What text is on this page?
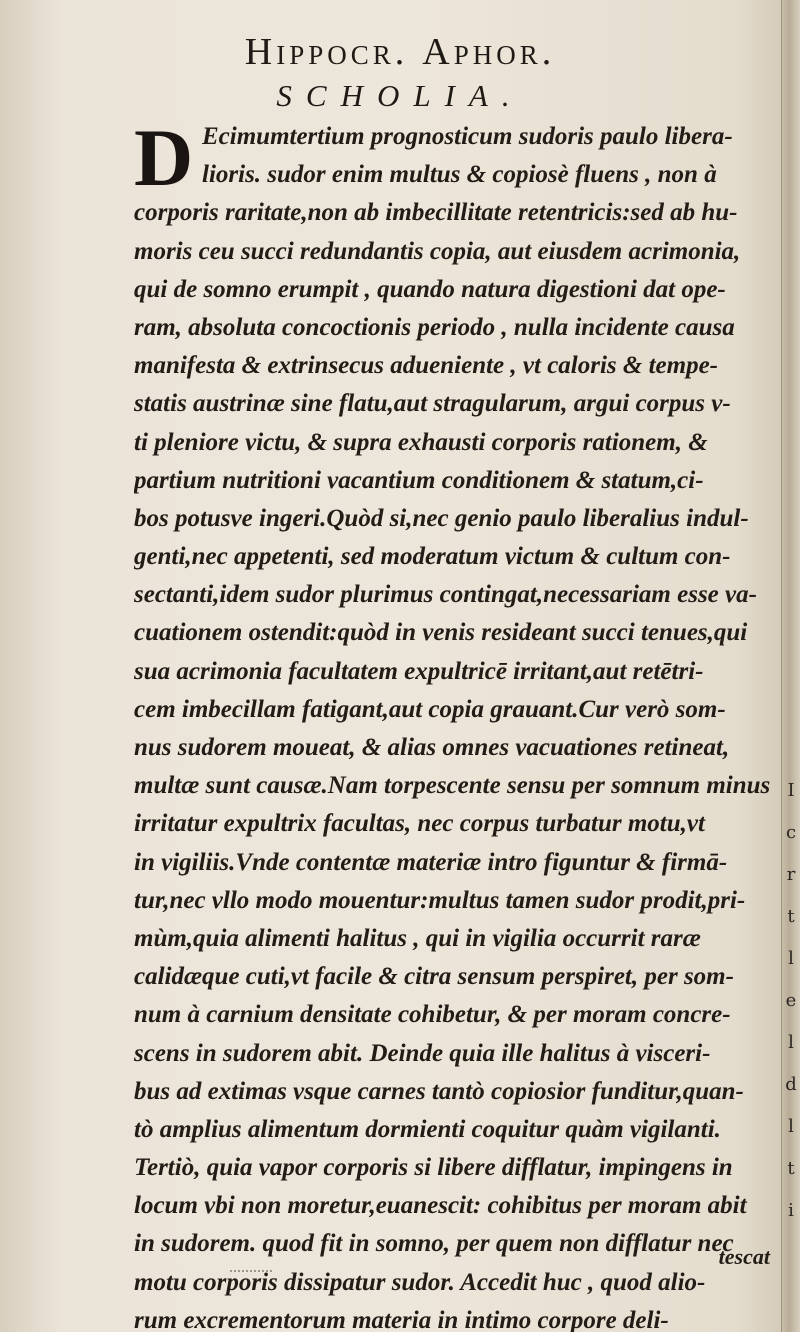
Hippocr. Aphor.
SCHOLIA.
D Ecimumtertium prognosticum sudoris paulo libera-
lioris. sudor enim multus & copiosè fluens , non à
corporis raritate,non ab imbecillitate retentricis:sed ab hu-
moris ceu succi redundantis copia, aut eiusdem acrimonia,
qui de somno erumpit , quando natura digestioni dat ope-
ram, absoluta concoctionis periodo , nulla incidente causa
manifesta & extrinsecus adueniente , vt caloris & tempe-
statis austrinæ sine flatu,aut stragularum, argui corpus v-
ti pleniore victu, & supra exhausti corporis rationem, &
partium nutritioni vacantium conditionem & statum,ci-
bos potusve ingeri.Quòd si,nec genio paulo liberalius indul-
genti,nec appetenti, sed moderatum victum & cultum con-
sectanti,idem sudor plurimus contingat,necessariam esse va-
cuationem ostendit:quòd in venis resideant succi tenues,qui
sua acrimonia facultatem expultricē irritant,aut retētri-
cem imbecillam fatigant,aut copia grauant.Cur verò som-
nus sudorem moueat, & alias omnes vacuationes retineat,
multæ sunt causæ.Nam torpescente sensu per somnum minus
irritatur expultrix facultas, nec corpus turbatur motu,vt
in vigiliis.Vnde contentæ materiæ intro figuntur & firmā-
tur,nec vllo modo mouentur:multus tamen sudor prodit,pri-
mùm,quia alimenti halitus , qui in vigilia occurrit raræ
calidæque cuti,vt facile & citra sensum perspiret, per som-
num à carnium densitate cohibetur, & per moram concre-
scens in sudorem abit. Deinde quia ille halitus à visceri-
bus ad extimas vsque carnes tantò copiosior funditur,quan-
tò amplius alimentum dormienti coquitur quàm vigilanti.
Tertiò, quia vapor corporis si libere difflatur, impingens in
locum vbi non moretur,euanescit: cohibitus per moram abit
in sudorem. quod fit in somno, per quem non difflatur nec
motu corporis dissipatur sudor. Accedit huc , quod alio-
rum excrementorum materia in intimo corpore deli-
tescat
I
c
r
t
l
e
l
d
l
t
i
